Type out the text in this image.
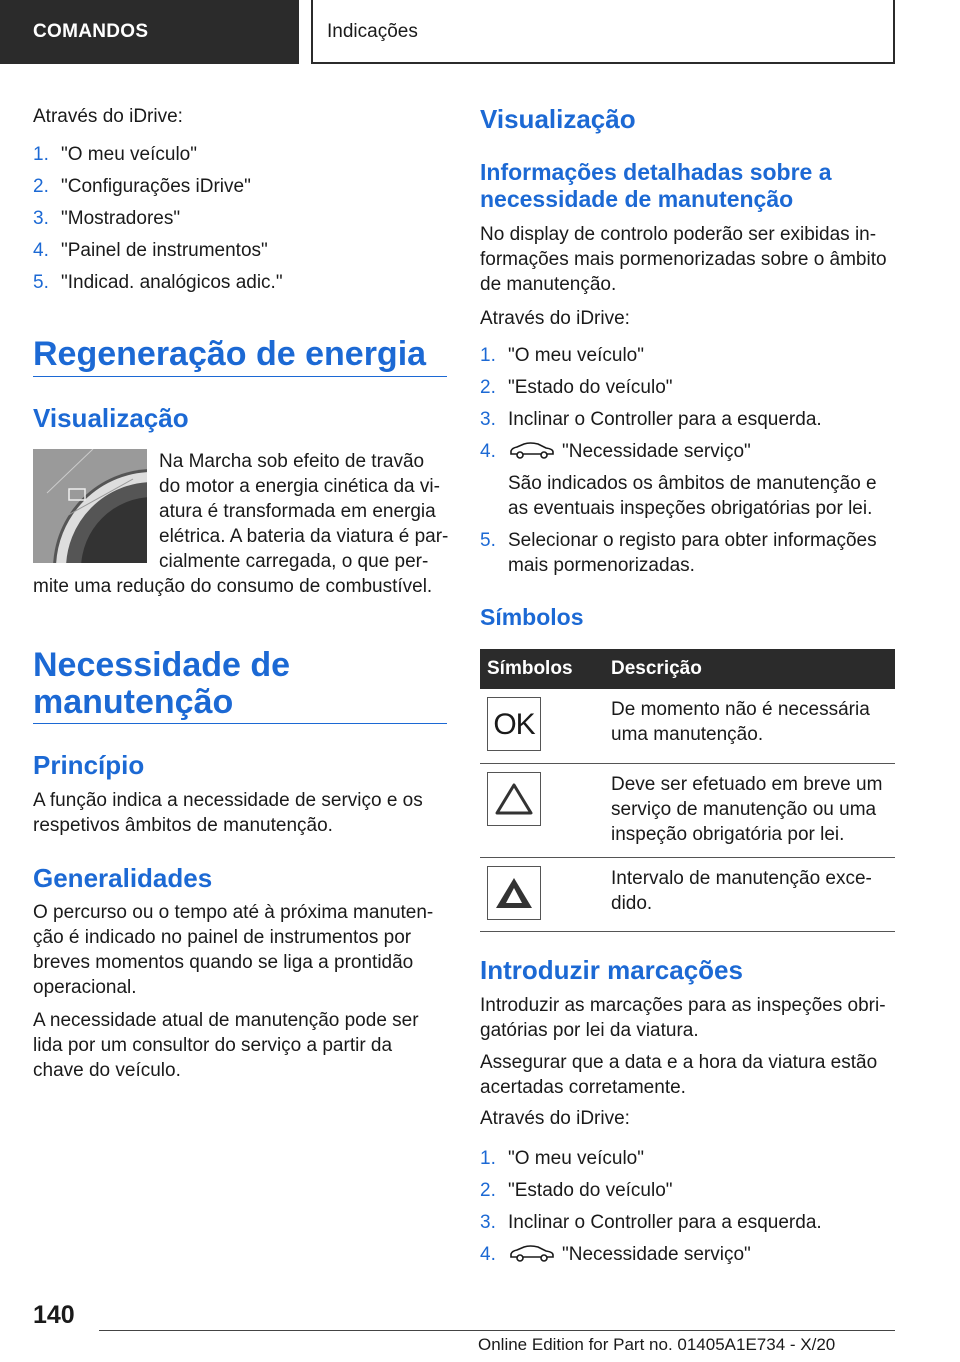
COMANDOS	Indicações

Através do iDrive:

1. "O meu veículo"
2. "Configurações iDrive"
3. "Mostradores"
4. "Painel de instrumentos"
5. "Indicad. analógicos adic."
Regeneração de energia
Visualização

Na Marcha sob efeito de travão

do motor a energia cinética da vi-

atura é transformada em energia

elétrica. A bateria da viatura é par-

cialmente carregada, o que per-

mite uma redução do consumo de combustível.

Necessidade de
manutenção
Princípio

A função indica a necessidade de serviço e os respetivos âmbitos de manutenção.

Generalidades

O percurso ou o tempo até à próxima manuten-ção é indicado no painel de instrumentos por breves momentos quando se liga a prontidão operacional.

A necessidade atual de manutenção pode ser lida por um consultor do serviço a partir da chave do veículo.

Visualização
Informações detalhadas sobre a necessidade de manutenção

No display de controlo poderão ser exibidas in-formações mais pormenorizadas sobre o âmbito de manutenção.

Através do iDrive:

1. "O meu veículo"
2. "Estado do veículo"
3. Inclinar o Controller para a esquerda.
4.	"Necessidade serviço"
São indicados os âmbitos de manutenção e as eventuais inspeções obrigatórias por lei.
5. Selecionar o registo para obter informações mais pormenorizadas.
Símbolos
Símbolos	Descrição

OK	De momento não é necessária uma manutenção.

	Deve ser efetuado em breve um serviço de manutenção ou uma inspeção obrigatória por lei.

	Intervalo de manutenção exce-dido.
Introduzir marcações

Introduzir as marcações para as inspeções obri-gatórias por lei da viatura.

Assegurar que a data e a hora da viatura estão acertadas corretamente.

Através do iDrive:

1. "O meu veículo"
2. "Estado do veículo"
3. Inclinar o Controller para a esquerda.
4.	"Necessidade serviço"
140
Online Edition for Part no. 01405A1E734 - X/20
